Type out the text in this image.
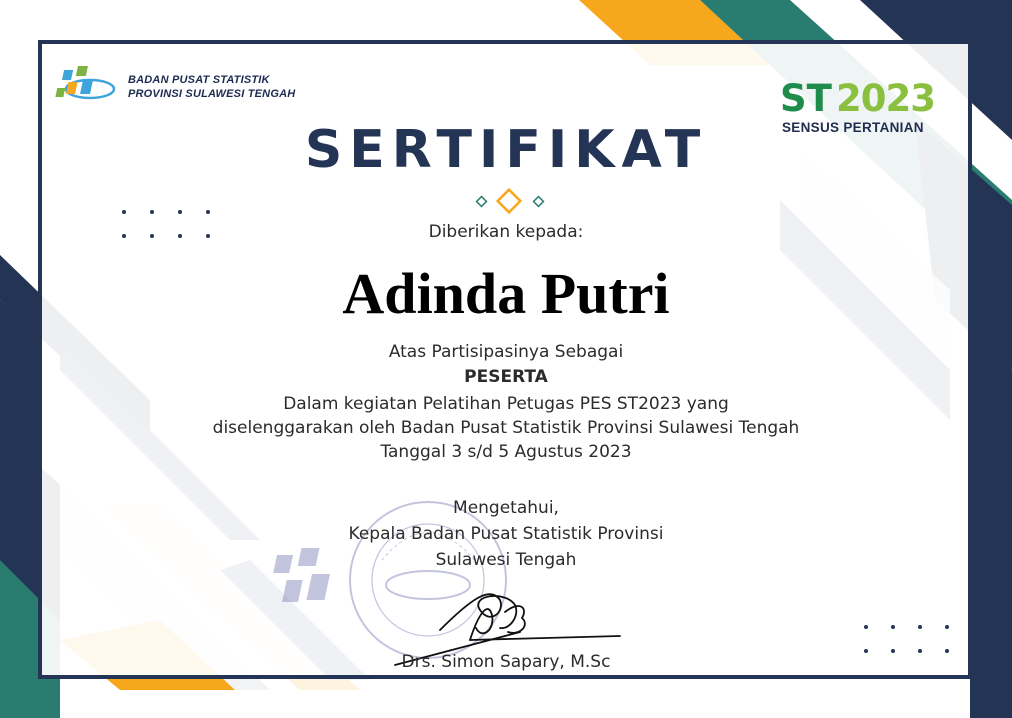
ST 2023
BADAN PUSAT STATISTIK
PROVINSI SULAWESI TENGAH
SENSUS PERTANIAN
SERTIFIKAT
Diberikan kepada:
Adinda Putri
Atas Partisipasinya Sebagai
PESERTA
Dalam kegiatan Pelatihan Petugas PES ST2023 yang
diselenggarakan oleh Badan Pusat Statistik Provinsi Sulawesi Tengah
Tanggal 3 s/d 5 Agustus 2023
Mengetahui,
Kepala Badan Pusat Statistik Provinsi
Sulawesi Tengah
Drs. Simon Sapary, M.Sc
